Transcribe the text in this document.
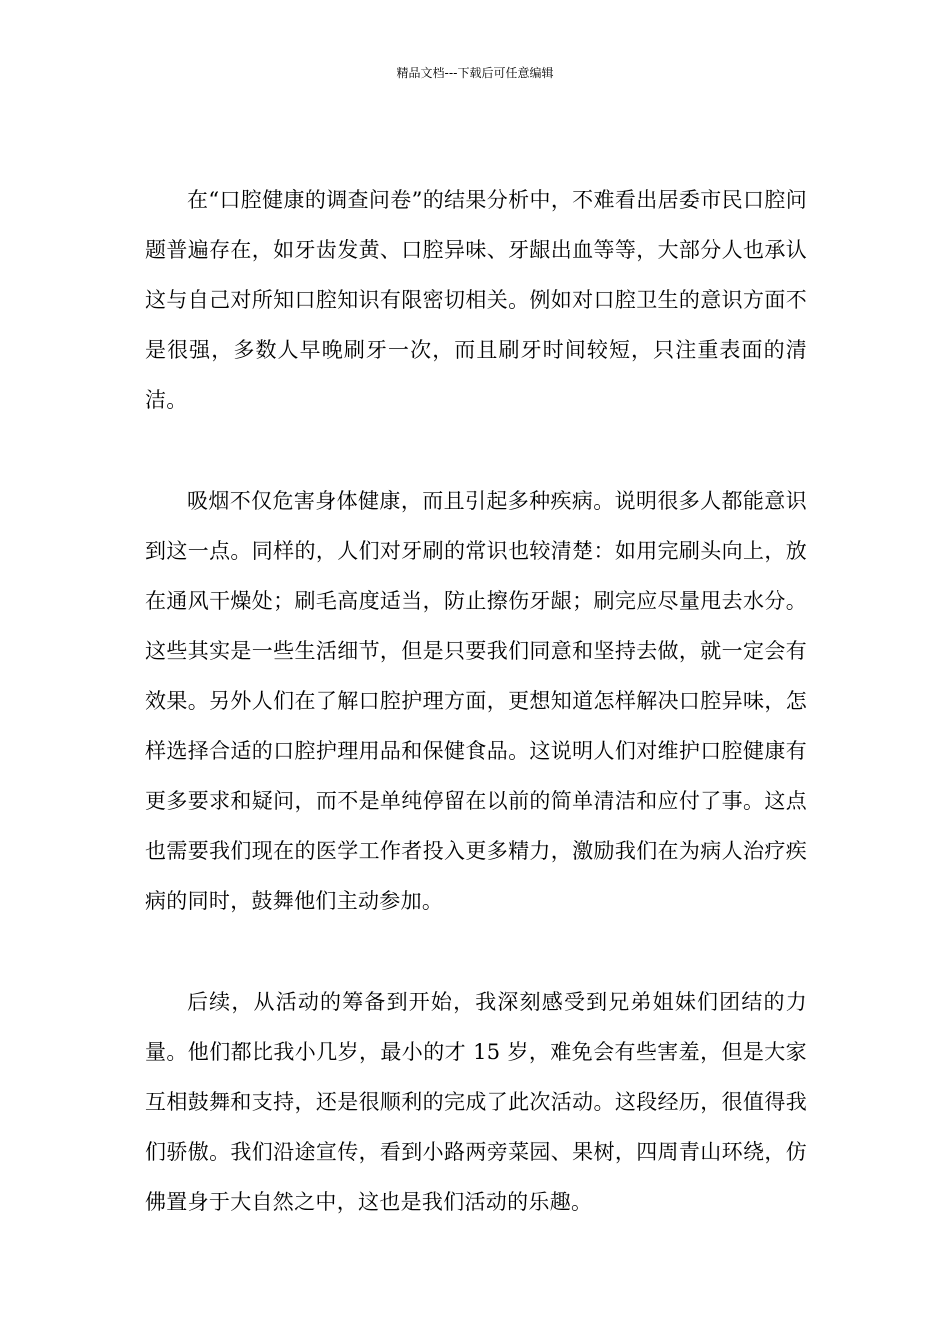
精品文档---下载后可任意编辑

在“口腔健康的调查问卷”的结果分析中，不难看出居委市民口腔问题普遍存在，如牙齿发黄、口腔异味、牙龈出血等等，大部分人也承认这与自己对所知口腔知识有限密切相关。例如对口腔卫生的意识方面不是很强，多数人早晚刷牙一次，而且刷牙时间较短，只注重表面的清洁。

吸烟不仅危害身体健康，而且引起多种疾病。说明很多人都能意识到这一点。同样的，人们对牙刷的常识也较清楚：如用完刷头向上，放在通风干燥处；刷毛高度适当，防止擦伤牙龈；刷完应尽量甩去水分。这些其实是一些生活细节，但是只要我们同意和坚持去做，就一定会有效果。另外人们在了解口腔护理方面，更想知道怎样解决口腔异味，怎样选择合适的口腔护理用品和保健食品。这说明人们对维护口腔健康有更多要求和疑问，而不是单纯停留在以前的简单清洁和应付了事。这点也需要我们现在的医学工作者投入更多精力，激励我们在为病人治疗疾病的同时，鼓舞他们主动参加。

后续，从活动的筹备到开始，我深刻感受到兄弟姐妹们团结的力量。他们都比我小几岁，最小的才 15 岁，难免会有些害羞，但是大家互相鼓舞和支持，还是很顺利的完成了此次活动。这段经历，很值得我们骄傲。我们沿途宣传，看到小路两旁菜园、果树，四周青山环绕，仿佛置身于大自然之中，这也是我们活动的乐趣。
